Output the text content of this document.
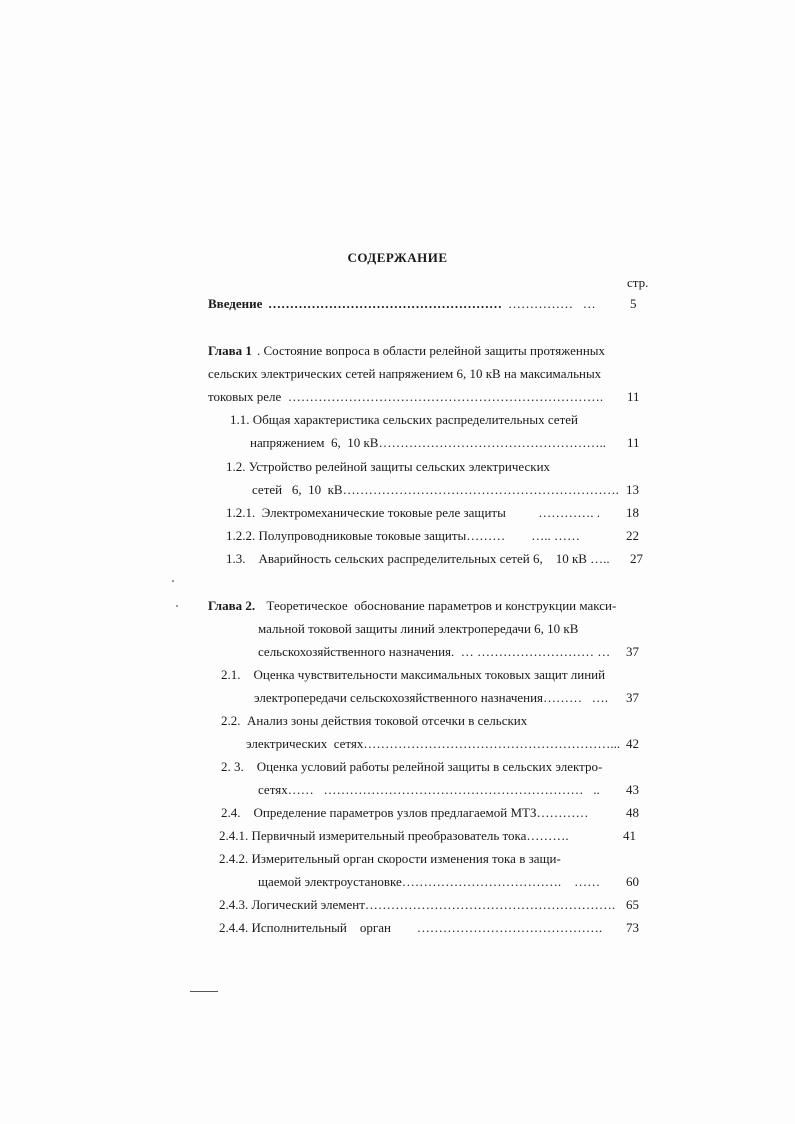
СОДЕРЖАНИЕ
стр.
Введение ……………………………………………… ……………   …	5
Глава 1 . Состояние вопроса в области релейной защиты протяженных
сельских электрических сетей напряжением 6, 10 кВ на максимальных
токовых реле  ………………………………………………………………. 11
1.1. Общая характеристика сельских распределительных сетей
напряжением  6,  10 кВ…………………………………………….. 11
1.2. Устройство релейной защиты сельских электрических
сетей   6,  10  кВ………………………………………………………. 13
1.2.1.  Электромеханические токовые реле защиты          …………. . 18
1.2.2. Полупроводниковые токовые защиты………        ….. ……	22
1.3.    Аварийность сельских распределительных сетей 6,    10 кВ ….. 27
Глава 2. Теоретическое  обоснование параметров и конструкции макси-
мальной токовой защиты линий электропередачи 6, 10 кВ
сельскохозяйственного назначения.  … ……………………… … 37
2.1.    Оценка чувствительности максимальных токовых защит линий
электропередачи сельскохозяйственного назначения………   …. 37
2.2.  Анализ зоны действия токовой отсечки в сельских
электрических  сетях…………………………………………………... 42
2. 3.    Оценка условий работы релейной защиты в сельских электро-
сетях……   ……………………………………………………   .. 43
2.4.    Определение параметров узлов предлагаемой МТЗ…………	48
2.4.1. Первичный измерительный преобразователь тока……….	41
2.4.2. Измерительный орган скорости изменения тока в защи-
щаемой электроустановке……………………………….    …… 60
2.4.3. Логический элемент…………………………………………………. 65
2.4.4. Исполнительный    орган        ……………………………………. 73
